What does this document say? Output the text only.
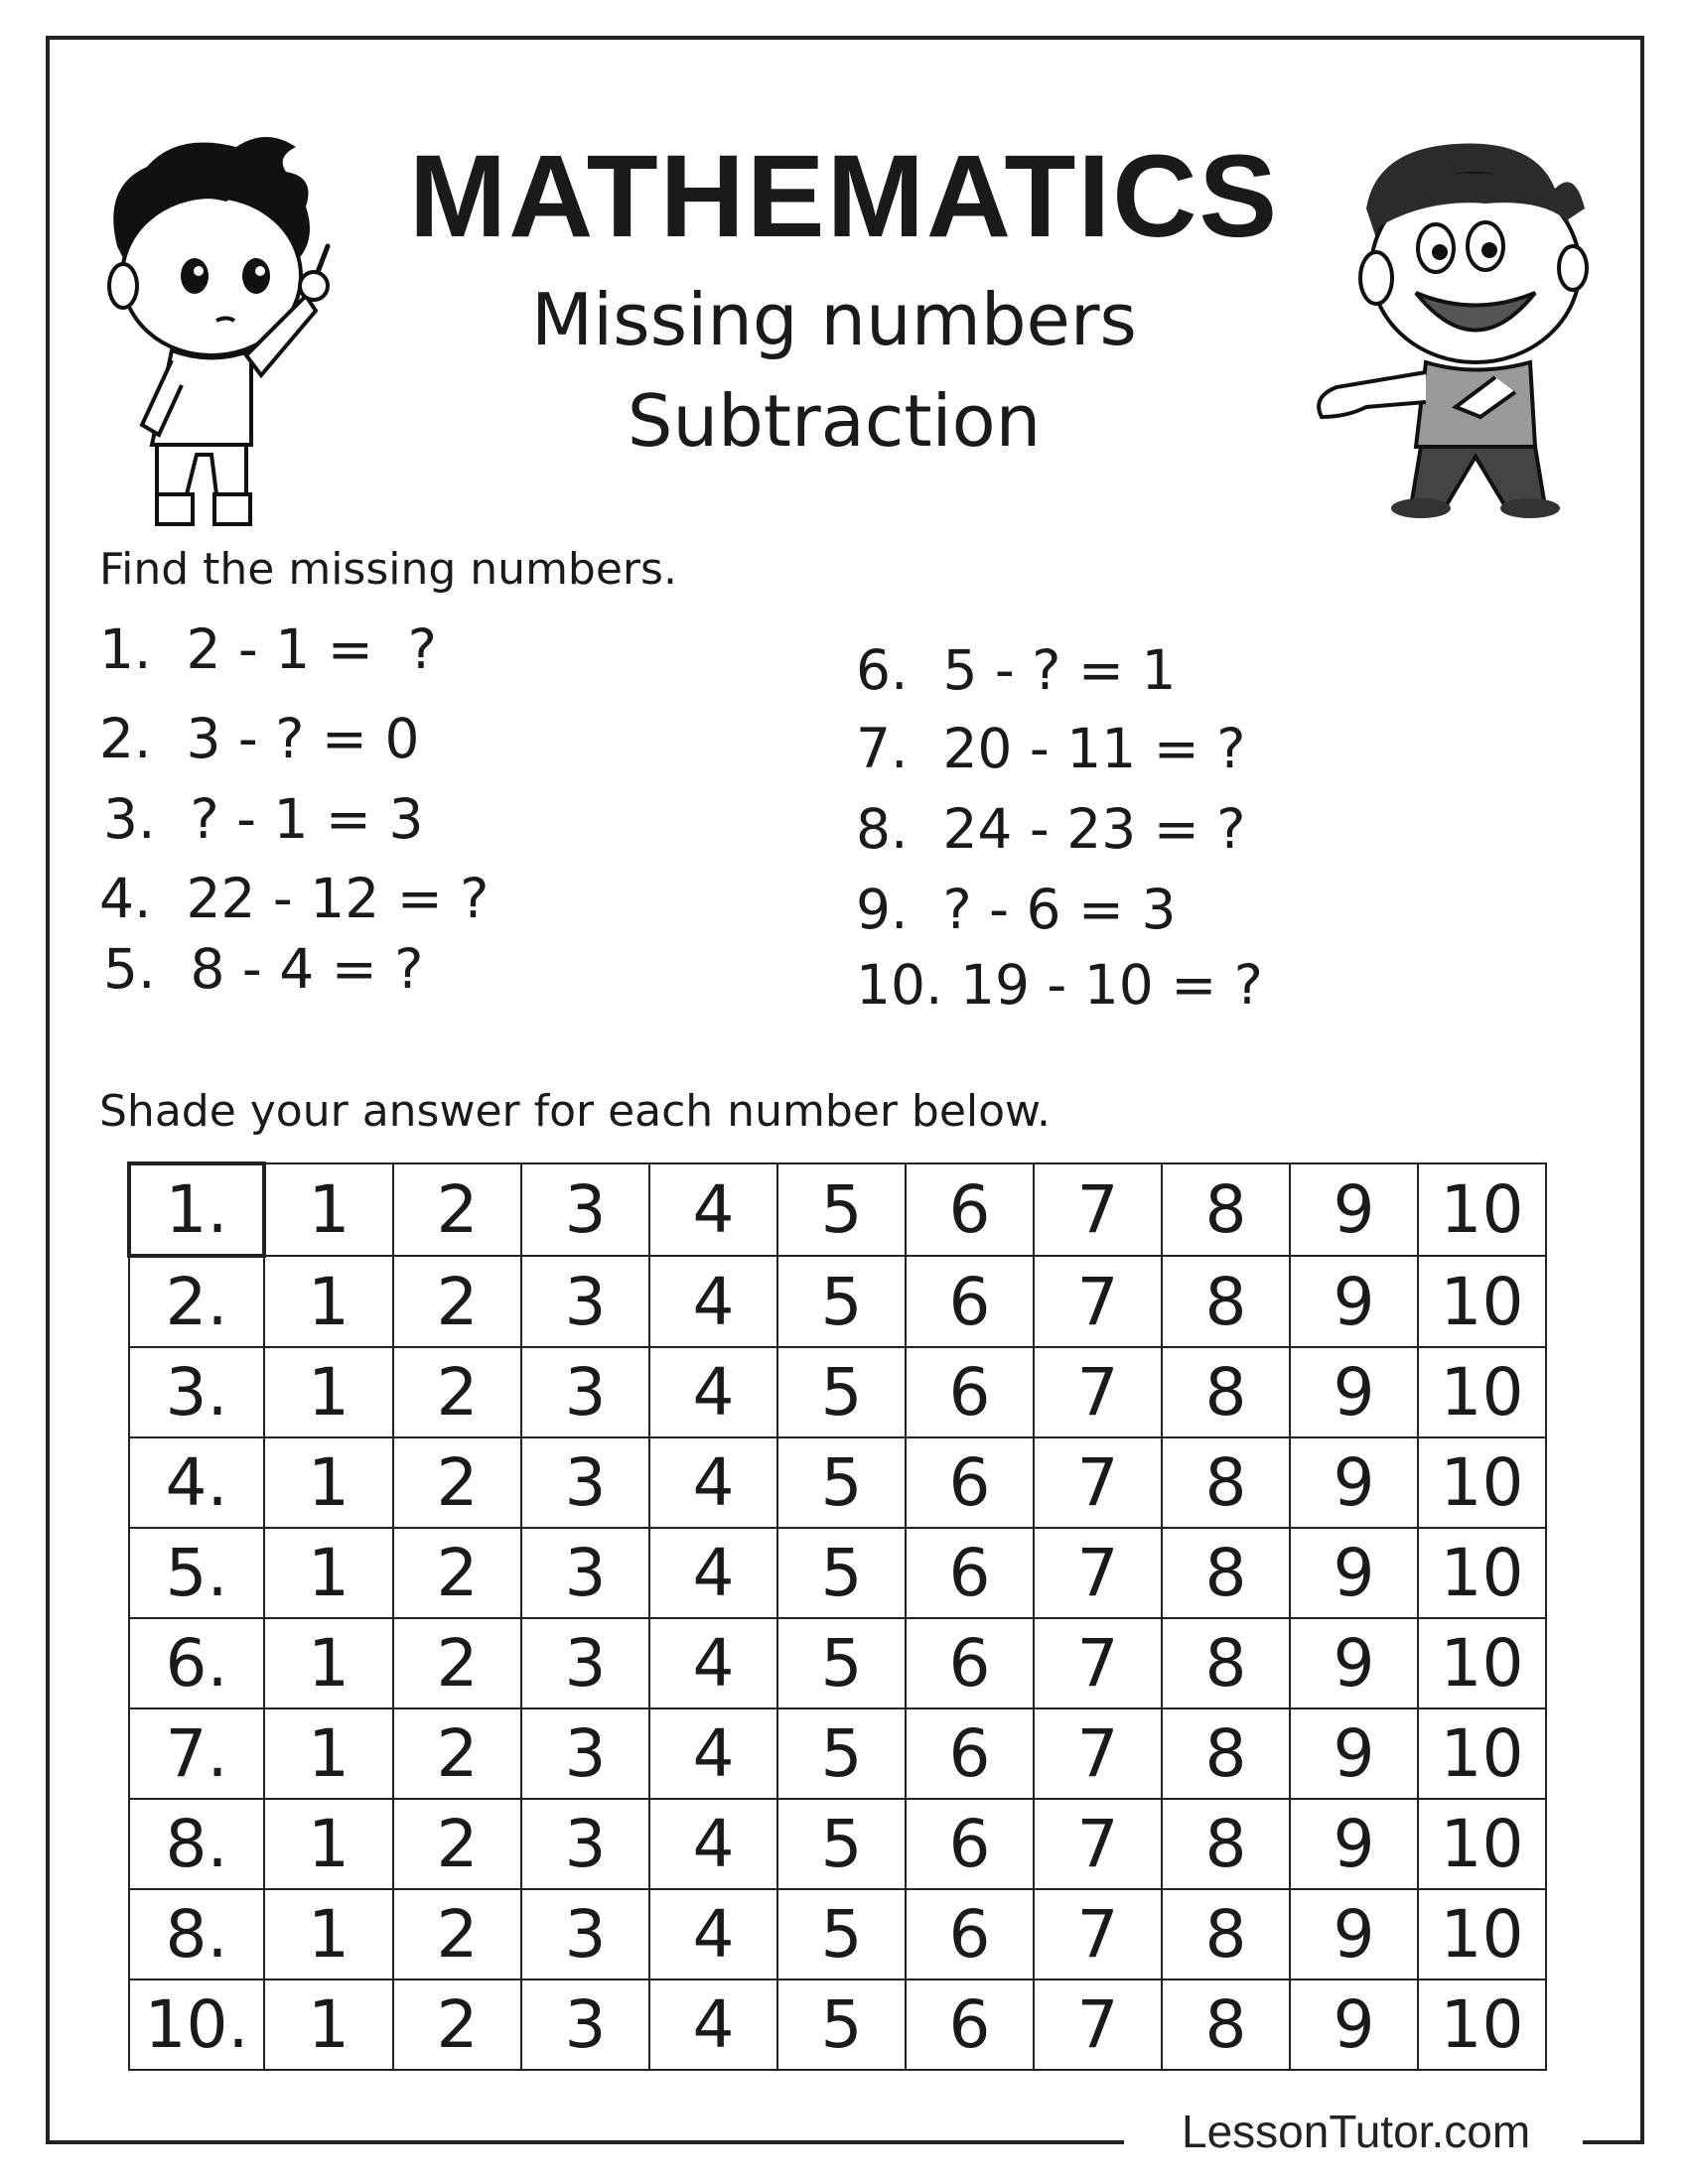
MATHEMATICS
Missing numbers
Subtraction
Find the missing numbers.
1.  2 - 1 =  ?
2.  3 - ? = 0
3.  ? - 1 = 3
4.  22 - 12 = ?
5.  8 - 4 = ?
6.  5 - ? = 1
7.  20 - 11 = ?
8.  24 - 23 = ?
9.  ? - 6 = 3
10. 19 - 10 = ?
Shade your answer for each number below.
1.	1	2	3	4	5	6	7	8	9	10
2.	1	2	3	4	5	6	7	8	9	10
3.	1	2	3	4	5	6	7	8	9	10
4.	1	2	3	4	5	6	7	8	9	10
5.	1	2	3	4	5	6	7	8	9	10
6.	1	2	3	4	5	6	7	8	9	10
7.	1	2	3	4	5	6	7	8	9	10
8.	1	2	3	4	5	6	7	8	9	10
8.	1	2	3	4	5	6	7	8	9	10
10.	1	2	3	4	5	6	7	8	9	10
LessonTutor.com
